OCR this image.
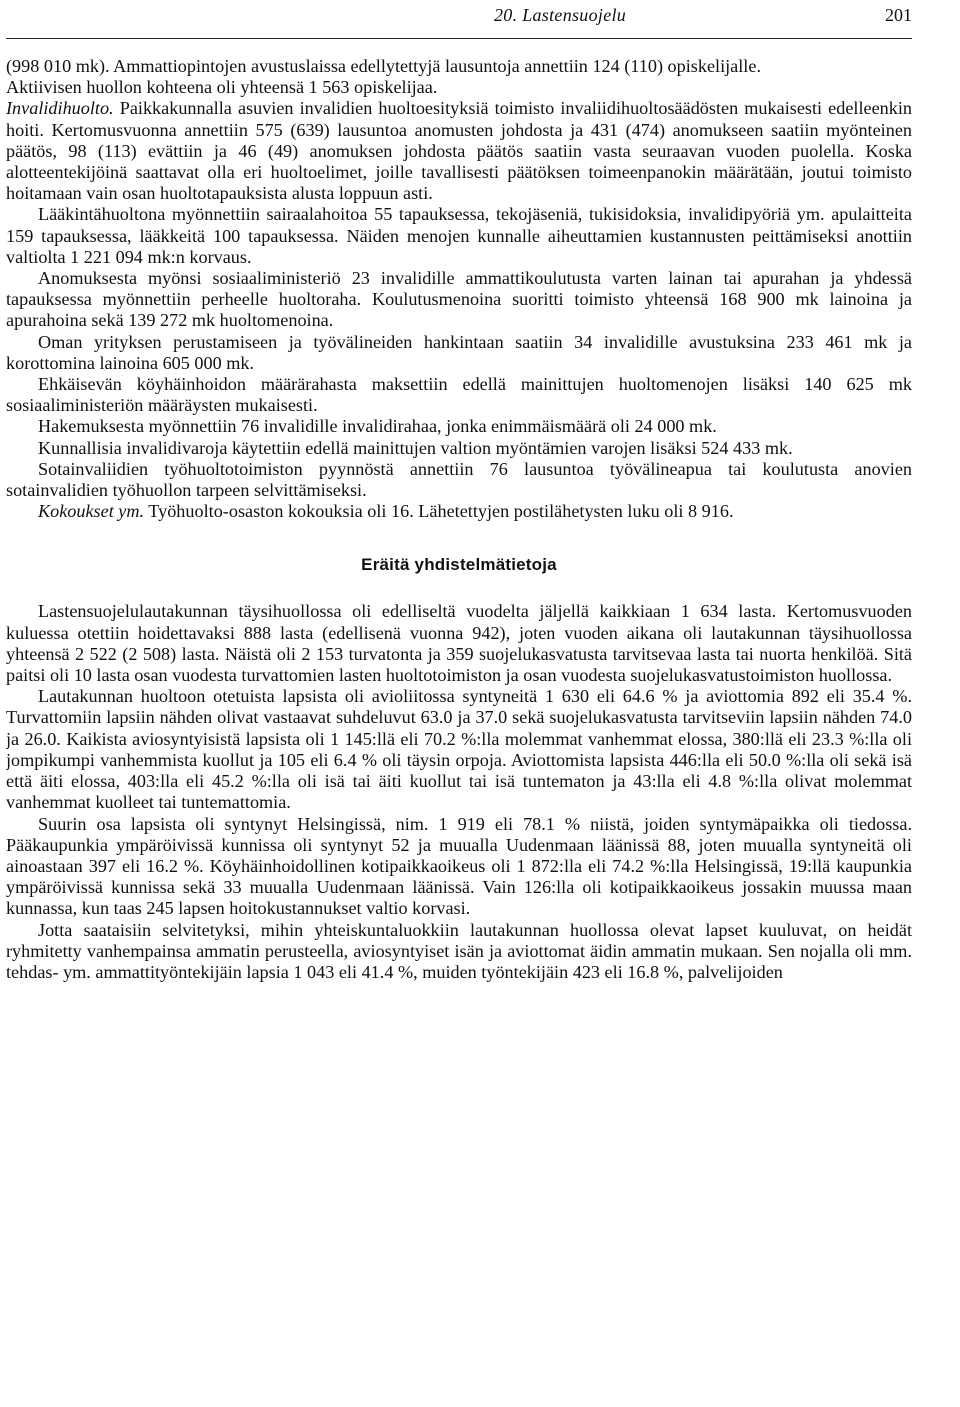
20. Lastensuojelu	201

(998 010 mk). Ammattiopintojen avustuslaissa edellytettyjä lausuntoja annettiin 124 (110) opiskelijalle.

Aktiivisen huollon kohteena oli yhteensä 1 563 opiskelijaa.

Invalidihuolto. Paikkakunnalla asuvien invalidien huoltoesityksiä toimisto invaliidihuoltosäädösten mukaisesti edelleenkin hoiti. Kertomusvuonna annettiin 575 (639) lausuntoa anomusten johdosta ja 431 (474) anomukseen saatiin myönteinen päätös, 98 (113) evättiin ja 46 (49) anomuksen johdosta päätös saatiin vasta seuraavan vuoden puolella. Koska alotteentekijöinä saattavat olla eri huoltoelimet, joille tavallisesti päätöksen toimeenpanokin määrätään, joutui toimisto hoitamaan vain osan huoltotapauksista alusta loppuun asti.

Lääkintähuoltona myönnettiin sairaalahoitoa 55 tapauksessa, tekojäseniä, tukisidoksia, invalidipyöriä ym. apulaitteita 159 tapauksessa, lääkkeitä 100 tapauksessa. Näiden menojen kunnalle aiheuttamien kustannusten peittämiseksi anottiin valtiolta 1 221 094 mk:n korvaus.

Anomuksesta myönsi sosiaaliministeriö 23 invalidille ammattikoulutusta varten lainan tai apurahan ja yhdessä tapauksessa myönnettiin perheelle huoltoraha. Koulutusmenoina suoritti toimisto yhteensä 168 900 mk lainoina ja apurahoina sekä 139 272 mk huoltomenoina.

Oman yrityksen perustamiseen ja työvälineiden hankintaan saatiin 34 invalidille avustuksina 233 461 mk ja korottomina lainoina 605 000 mk.

Ehkäisevän köyhäinhoidon määrärahasta maksettiin edellä mainittujen huoltomenojen lisäksi 140 625 mk sosiaaliministeriön määräysten mukaisesti.

Hakemuksesta myönnettiin 76 invalidille invalidirahaa, jonka enimmäismäärä oli 24 000 mk.

Kunnallisia invalidivaroja käytettiin edellä mainittujen valtion myöntämien varojen lisäksi 524 433 mk.

Sotainvaliidien työhuoltotoimiston pyynnöstä annettiin 76 lausuntoa työvälineapua tai koulutusta anovien sotainvalidien työhuollon tarpeen selvittämiseksi.

Kokoukset ym. Työhuolto-osaston kokouksia oli 16. Lähetettyjen postilähetysten luku oli 8 916.

Eräitä yhdistelmätietoja

Lastensuojelulautakunnan täysihuollossa oli edelliseltä vuodelta jäljellä kaikkiaan 1 634 lasta. Kertomusvuoden kuluessa otettiin hoidettavaksi 888 lasta (edellisenä vuonna 942), joten vuoden aikana oli lautakunnan täysihuollossa yhteensä 2 522 (2 508) lasta. Näistä oli 2 153 turvatonta ja 359 suojelukasvatusta tarvitsevaa lasta tai nuorta henkilöä. Sitä paitsi oli 10 lasta osan vuodesta turvattomien lasten huoltotoimiston ja osan vuodesta suojelukasvatustoimiston huollossa.

Lautakunnan huoltoon otetuista lapsista oli avioliitossa syntyneitä 1 630 eli 64.6 % ja aviottomia 892 eli 35.4 %. Turvattomiin lapsiin nähden olivat vastaavat suhdeluvut 63.0 ja 37.0 sekä suojelukasvatusta tarvitseviin lapsiin nähden 74.0 ja 26.0. Kaikista aviosyntyisistä lapsista oli 1 145:llä eli 70.2 %:lla molemmat vanhemmat elossa, 380:llä eli 23.3 %:lla oli jompikumpi vanhemmista kuollut ja 105 eli 6.4 % oli täysin orpoja. Aviottomista lapsista 446:lla eli 50.0 %:lla oli sekä isä että äiti elossa, 403:lla eli 45.2 %:lla oli isä tai äiti kuollut tai isä tuntematon ja 43:lla eli 4.8 %:lla olivat molemmat vanhemmat kuolleet tai tuntemattomia.

Suurin osa lapsista oli syntynyt Helsingissä, nim. 1 919 eli 78.1 % niistä, joiden syntymäpaikka oli tiedossa. Pääkaupunkia ympäröivissä kunnissa oli syntynyt 52 ja muualla Uudenmaan läänissä 88, joten muualla syntyneitä oli ainoastaan 397 eli 16.2 %. Köyhäinhoidollinen kotipaikkaoikeus oli 1 872:lla eli 74.2 %:lla Helsingissä, 19:llä kaupunkia ympäröivissä kunnissa sekä 33 muualla Uudenmaan läänissä. Vain 126:lla oli kotipaikkaoikeus jossakin muussa maan kunnassa, kun taas 245 lapsen hoitokustannukset valtio korvasi.

Jotta saataisiin selvitetyksi, mihin yhteiskuntaluokkiin lautakunnan huollossa olevat lapset kuuluvat, on heidät ryhmitetty vanhempainsa ammatin perusteella, aviosyntyiset isän ja aviottomat äidin ammatin mukaan. Sen nojalla oli mm. tehdas- ym. ammattityöntekijäin lapsia 1 043 eli 41.4 %, muiden työntekijäin 423 eli 16.8 %, palvelijoiden
